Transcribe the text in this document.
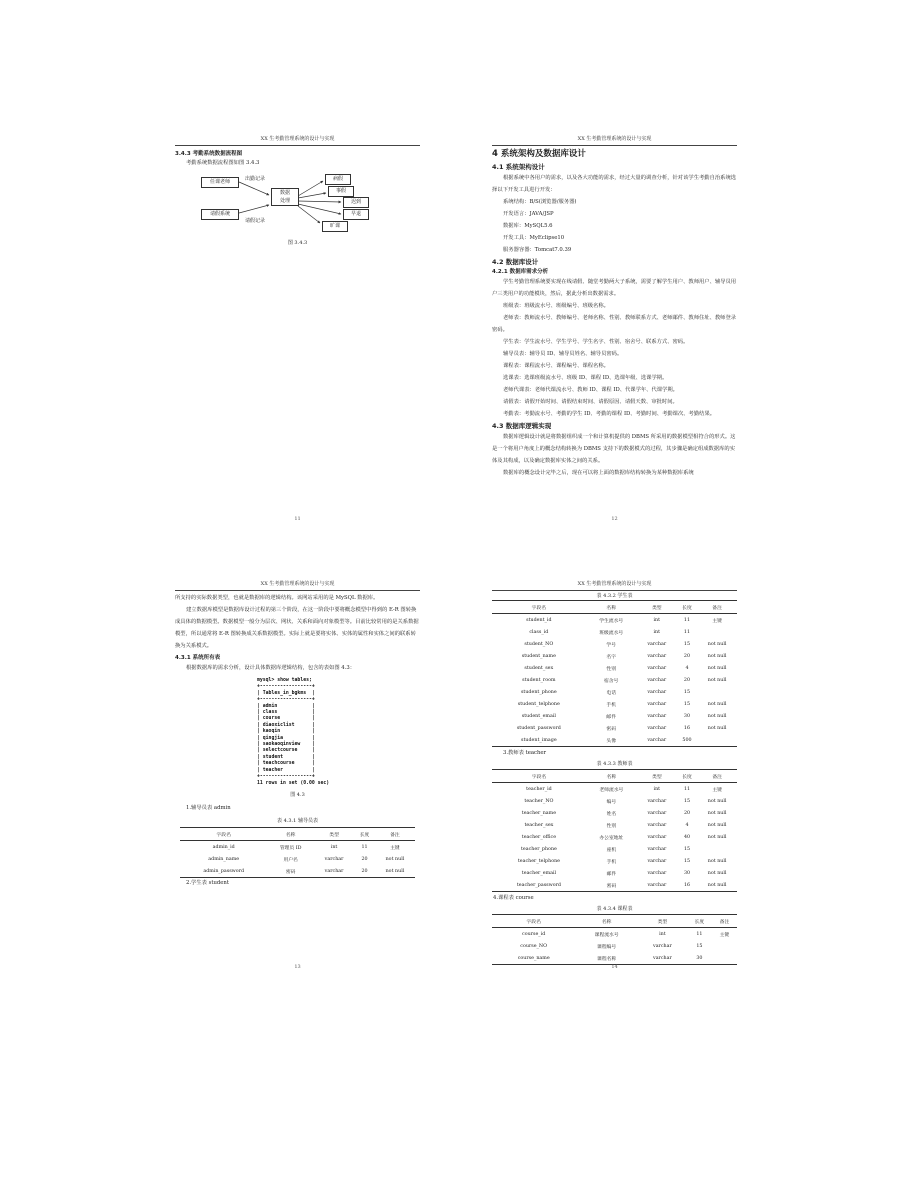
XX 生考勤管理系统的设计与实现

3.4.3 考勤系统数据流程图

考勤系统数据流程图如图 3.4.3

任课老师
请假系统
数据
处理
出勤记录
请假记录
病假
事假
旷课
迟到
早退

图 3.4.3

11
XX 生考勤管理系统的设计与实现

4 系统架构及数据库设计

4.1 系统架构设计

根据系统中各用户的需求，以及各大功能的需求，经过大量的调查分析，针对该学生考勤自治系统选择以下开发工具进行开发：

系统结构：B/S(浏览器/服务器)

开发语言：JAVA/JSP

数据库：MySQL5.6

开发工具：MyEclipse10

服务器容器：Tomcat7.0.39

4.2 数据库设计

4.2.1 数据库需求分析

学生考勤管理系统要实现在线请假、随堂考勤两大子系统，需要了解学生用户、教师用户、辅导员用户三类用户的功能模块，然后，据此分析出数据需求。

班级表：班级流水号、班级编号、班级名称。

老师表：教师流水号、教师编号、老师名称、性别、教师联系方式、老师邮件、教师住址、教师登录密码。

学生表：学生流水号、学生学号、学生名字、性别、宿舍号、联系方式、密码。

辅导员表：辅导员 ID、辅导员姓名、辅导员密码。

课程表：课程流水号、课程编号、课程名称。

选课表：选课班级流水号、班级 ID、课程 ID、选课年级、选课学期。

老师代课表：老师代课流水号、教师 ID、课程 ID、代课学年、代课学期。

请假表：请假开始时间、请假结束时间、请假原因、请假天数、审批时间。

考勤表：考勤流水号、考勤的学生 ID、考勤的课程 ID、考勤时间、考勤课次、考勤结果。

4.3 数据库逻辑实现

数据库逻辑设计就是将数据组织成一个和计算机提供的 DBMS 所采用的数据模型相符合的形式。这是一个将用户角度上的概念结构转换为 DBMS 支持下的数据模式的过程，其步骤是确定组成数据库的实体及其构成，以及确定数据库实体之间的关系。

数据库的概念设计完毕之后，现在可以将上面的数据库结构转换为某种数据库系统

12
XX 生考勤管理系统的设计与实现

所支持的实际数据类型，也就是数据库的逻辑结构。该网站采用的是 MySQL 数据库。

建立数据库模型是数据库设计过程的第三个阶段，在这一阶段中要将概念模型中得到的 E-R 图转换成具体的数据模型。数据模型一般分为层次、网状、关系和面向对象模型等。目前比较常用的是关系数据模型，所以通常将 E-R 图转换成关系数据模型。实际上就是要将实体、实体的属性和实体之间的联系转换为关系模式。

4.3.1 系统所有表

根据数据库的需求分析，设计具体数据库逻辑结构，包含的表如图 4.3：

mysql> show tables;
+------------------+
| Tables_in_bgkms  |
+------------------+
| admin            |
| class            |
| course           |
| diaoxiclist      |
| kaoqin           |
| qingjia          |
| saokaoqinview    |
| selectcourse     |
| student          |
| teachcourse      |
| teacher          |
+------------------+
11 rows in set (0.00 sec)

图 4.3

1.辅导员表 admin

表 4.3.1 辅导员表

字段名	名称	类型	长度	备注
admin_id	管理员 ID	int	11	主键
admin_name	用户名	varchar	20	not null
admin_password	密码	varchar	20	not null

2.学生表 student

13
XX 生考勤管理系统的设计与实现

表 4.3.2 学生表

字段名	名称	类型	长度	备注
student_id	学生流水号	int	11	主键
class_id	班级流水号	int	11	
student_NO	学号	varchar	15	not null
student_name	名字	varchar	20	not null
student_sex	性别	varchar	4	not null
student_room	宿舍号	varchar	20	not null
student_phone	电话	varchar	15	
student_telphone	手机	varchar	15	not null
student_email	邮件	varchar	30	not null
student_password	密码	varchar	16	not null
student_image	头像	varchar	500	

3.教师表 teacher

表 4.3.3 教师表

字段名	名称	类型	长度	备注
teacher_id	老师流水号	int	11	主键
teacher_NO	编号	varchar	15	not null
teacher_name	姓名	varchar	20	not null
teacher_sex	性别	varchar	4	not null
teacher_office	办公室地址	varchar	40	not null
teacher_phone	座机	varchar	15	
teacher_telphone	手机	varchar	15	not null
teacher_email	邮件	varchar	30	not null
teacher_password	密码	varchar	16	not null

4.课程表 course

表 4.3.4 课程表

字段名	名称	类型	长度	备注
course_id	课程流水号	int	11	主键
course_NO	课程编号	varchar	15	
course_name	课程名称	varchar	30	
14
